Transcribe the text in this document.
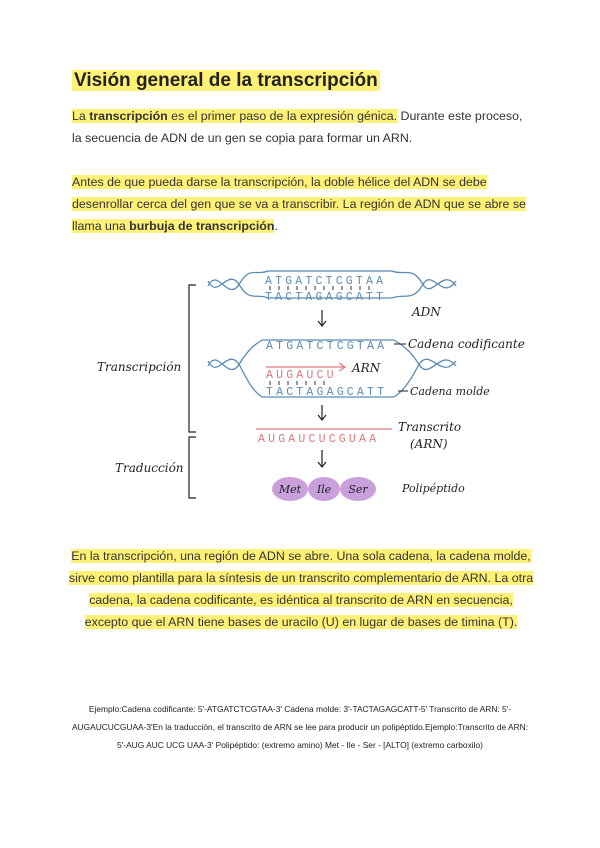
Visión general de la transcripción

La transcripción es el primer paso de la expresión génica. Durante este proceso, la secuencia de ADN de un gen se copia para formar un ARN.

Antes de que pueda darse la transcripción, la doble hélice del ADN se debe desenrollar cerca del gen que se va a transcribir. La región de ADN que se abre se llama una burbuja de transcripción.

ATGATCTCGTAA
TACTAGAGCATT
ADN
ATGATCTCGTAA
AUGAUCU
TACTAGAGCATT
Cadena codificante
ARN
Cadena molde
AUGAUCUCGUAA
Transcrito
(ARN)
Met Ile Ser	Polipéptido
Transcripción
Traducción

En la transcripción, una región de ADN se abre. Una sola cadena, la cadena molde, sirve como plantilla para la síntesis de un transcrito complementario de ARN. La otra cadena, la cadena codificante, es idéntica al transcrito de ARN en secuencia, excepto que el ARN tiene bases de uracilo (U) en lugar de bases de timina (T).

Ejemplo:Cadena codificante: 5'-ATGATCTCGTAA-3' Cadena molde: 3'-TACTAGAGCATT-5' Transcrito de ARN: 5'-AUGAUCUCGUAA-3'En la traducción, el transcrito de ARN se lee para producir un polipéptido.Ejemplo:Transcrito de ARN: 5'-AUG AUC UCG UAA-3' Polipéptido: (extremo amino) Met - Ile - Ser - [ALTO] (extremo carboxilo)
